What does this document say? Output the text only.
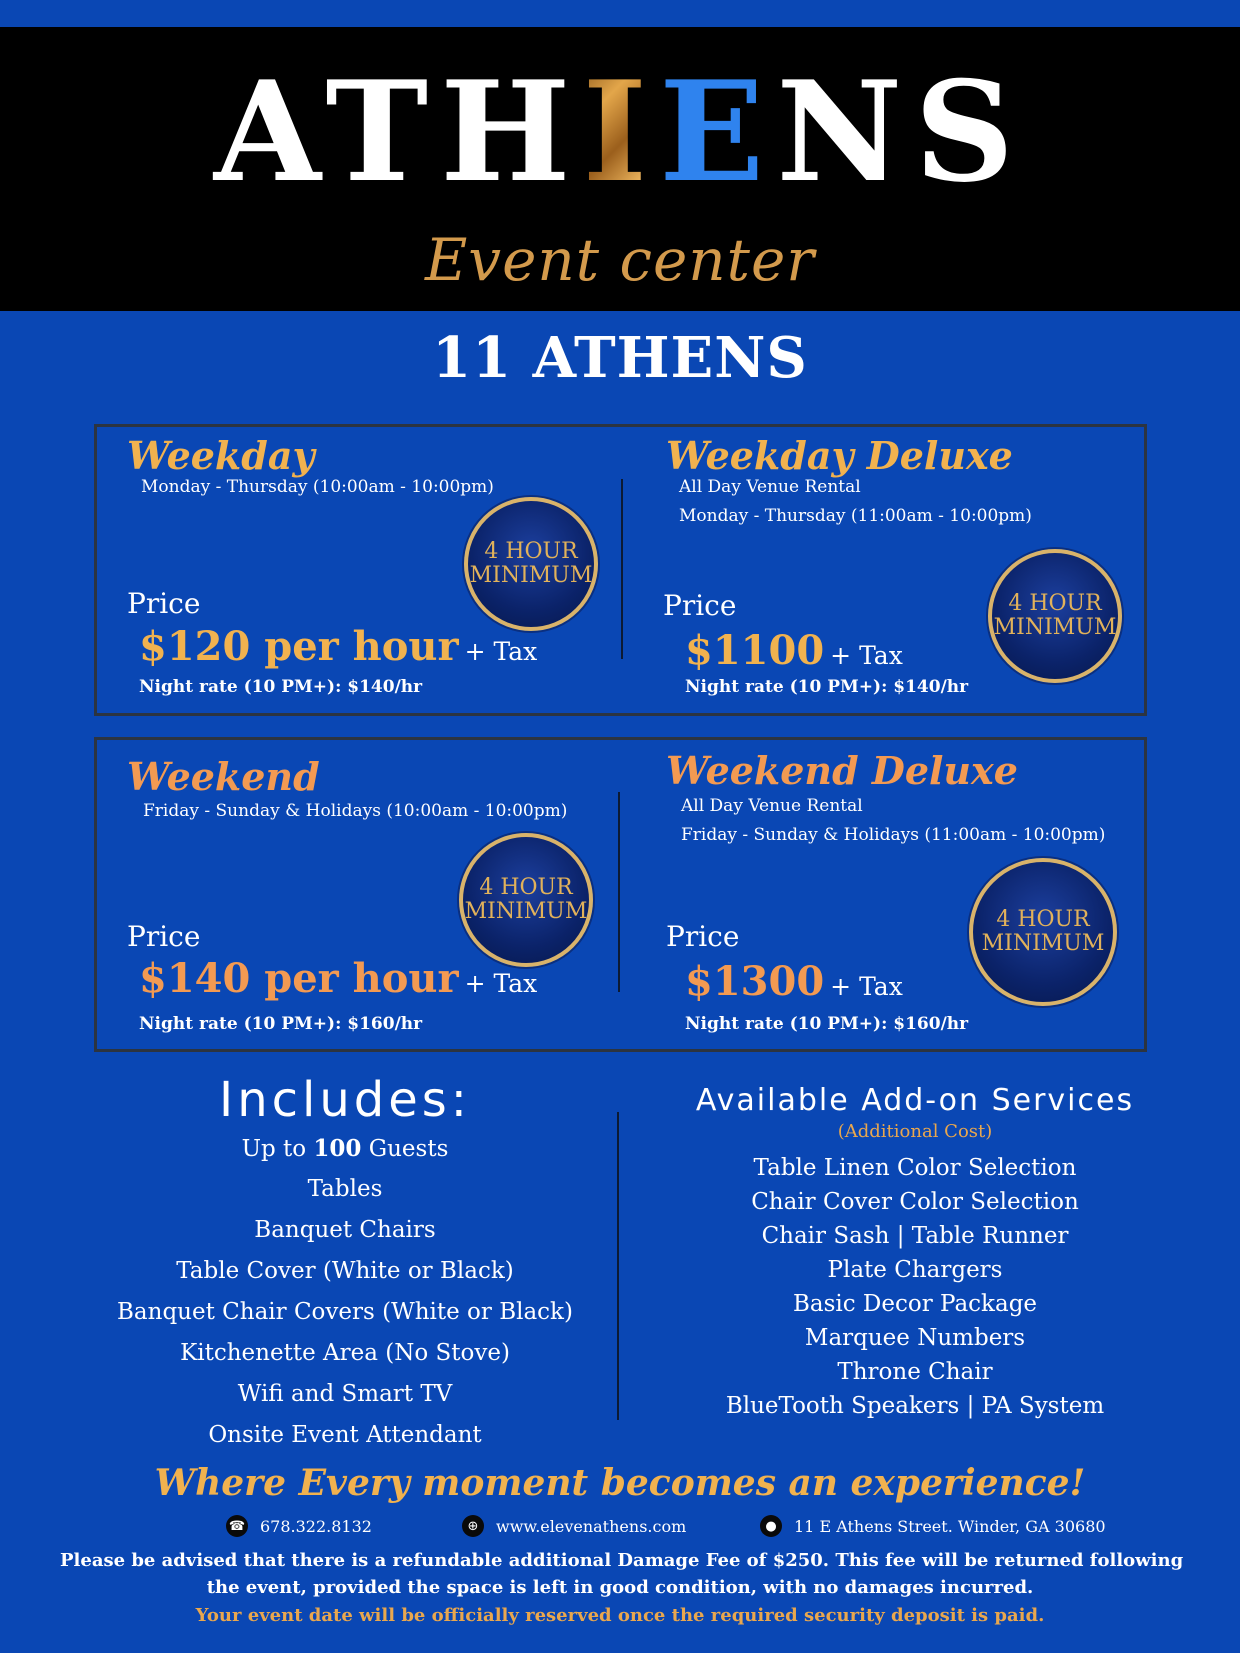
ATHIENS
Event center
11 ATHENS
Weekday
Monday - Thursday (10:00am - 10:00pm)
4 HOUR
MINIMUM
Price
$120 per hour + Tax
Night rate (10 PM+): $140/hr
Weekday Deluxe
All Day Venue Rental
Monday - Thursday (11:00am - 10:00pm)
4 HOUR
MINIMUM
Price
$1100 + Tax
Night rate (10 PM+): $140/hr
Weekend
Friday - Sunday & Holidays (10:00am - 10:00pm)
4 HOUR
MINIMUM
Price
$140 per hour + Tax
Night rate (10 PM+): $160/hr
Weekend Deluxe
All Day Venue Rental
Friday - Sunday & Holidays (11:00am - 10:00pm)
4 HOUR
MINIMUM
Price
$1300 + Tax
Night rate (10 PM+): $160/hr
Includes:
Up to 100 Guests
Tables
Banquet Chairs
Table Cover (White or Black)
Banquet Chair Covers (White or Black)
Kitchenette Area (No Stove)
Wifi and Smart TV
Onsite Event Attendant
Available Add-on Services
(Additional Cost)
Table Linen Color Selection
Chair Cover Color Selection
Chair Sash | Table Runner
Plate Chargers
Basic Decor Package
Marquee Numbers
Throne Chair
BlueTooth Speakers | PA System
Where Every moment becomes an experience!
☎ 678.322.8132	⊕	www.elevenathens.com	●	11 E Athens Street. Winder, GA 30680
Please be advised that there is a refundable additional Damage Fee of $250. This fee will be returned following
the event, provided the space is left in good condition, with no damages incurred.
Your event date will be officially reserved once the required security deposit is paid.
